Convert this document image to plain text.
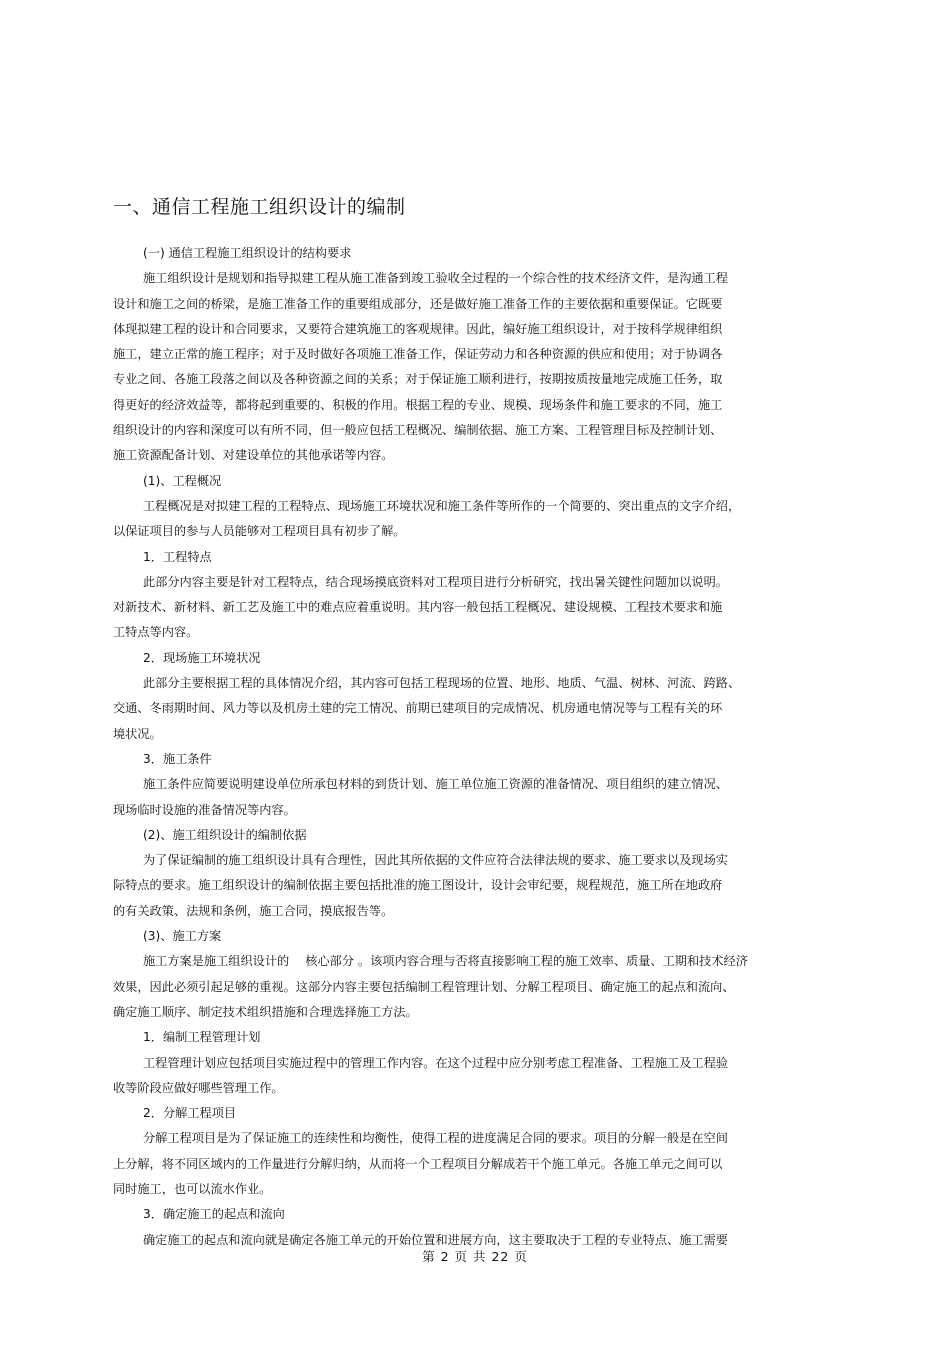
一、通信工程施工组织设计的编制
(一) 通信工程施工组织设计的结构要求
施工组织设计是规划和指导拟建工程从施工准备到竣工验收全过程的一个综合性的技术经济文件，是沟通工程
设计和施工之间的桥梁，是施工准备工作的重要组成部分，还是做好施工准备工作的主要依据和重要保证。它既要
体现拟建工程的设计和合同要求，又要符合建筑施工的客观规律。因此，编好施工组织设计，对于按科学规律组织
施工，建立正常的施工程序；对于及时做好各项施工准备工作，保证劳动力和各种资源的供应和使用；对于协调各
专业之间、各施工段落之间以及各种资源之间的关系；对于保证施工顺利进行，按期按质按量地完成施工任务，取
得更好的经济效益等，都将起到重要的、积极的作用。根据工程的专业、规模、现场条件和施工要求的不同，施工
组织设计的内容和深度可以有所不同，但一般应包括工程概况、编制依据、施工方案、工程管理目标及控制计划、
施工资源配备计划、对建设单位的其他承诺等内容。
(1)、工程概况
工程概况是对拟建工程的工程特点、现场施工环境状况和施工条件等所作的一个简要的、突出重点的文字介绍，
以保证项目的参与人员能够对工程项目具有初步了解。
1．工程特点
此部分内容主要是针对工程特点，结合现场摸底资料对工程项目进行分析研究，找出暑关键性问题加以说明。
对新技术、新材料、新工艺及施工中的难点应着重说明。其内容一般包括工程概况、建设规模、工程技术要求和施
工特点等内容。
2．现场施工环境状况
此部分主要根据工程的具体情况介绍，其内容可包括工程现场的位置、地形、地质、气温、树林、河流、跨路、
交通、冬雨期时间、风力等以及机房土建的完工情况、前期已建项目的完成情况、机房通电情况等与工程有关的环
境状况。
3．施工条件
施工条件应简要说明建设单位所承包材料的到货计划、施工单位施工资源的准备情况、项目组织的建立情况、
现场临时设施的准备情况等内容。
(2)、施工组织设计的编制依据
为了保证编制的施工组织设计具有合理性，因此其所依据的文件应符合法律法规的要求、施工要求以及现场实
际特点的要求。施工组织设计的编制依据主要包括批准的施工图设计，设计会审纪要，规程规范，施工所在地政府
的有关政策、法规和条例，施工合同，摸底报告等。
(3)、施工方案
施工方案是施工组织设计的　 核心部分 。该项内容合理与否将直接影响工程的施工效率、质量、工期和技术经济
效果，因此必须引起足够的重视。这部分内容主要包括编制工程管理计划、分解工程项目、确定施工的起点和流向、
确定施工顺序、制定技术组织措施和合理选择施工方法。
1．编制工程管理计划
工程管理计划应包括项目实施过程中的管理工作内容。在这个过程中应分别考虑工程准备、工程施工及工程验
收等阶段应做好哪些管理工作。
2．分解工程项目
分解工程项目是为了保证施工的连续性和均衡性，使得工程的进度满足合同的要求。项目的分解一般是在空间
上分解，将不同区域内的工作量进行分解归纳，从而将一个工程项目分解成若干个施工单元。各施工单元之间可以
同时施工，也可以流水作业。
3．确定施工的起点和流向
确定施工的起点和流向就是确定各施工单元的开始位置和进展方向，这主要取决于工程的专业特点、施工需要
第 2 页 共 22 页
